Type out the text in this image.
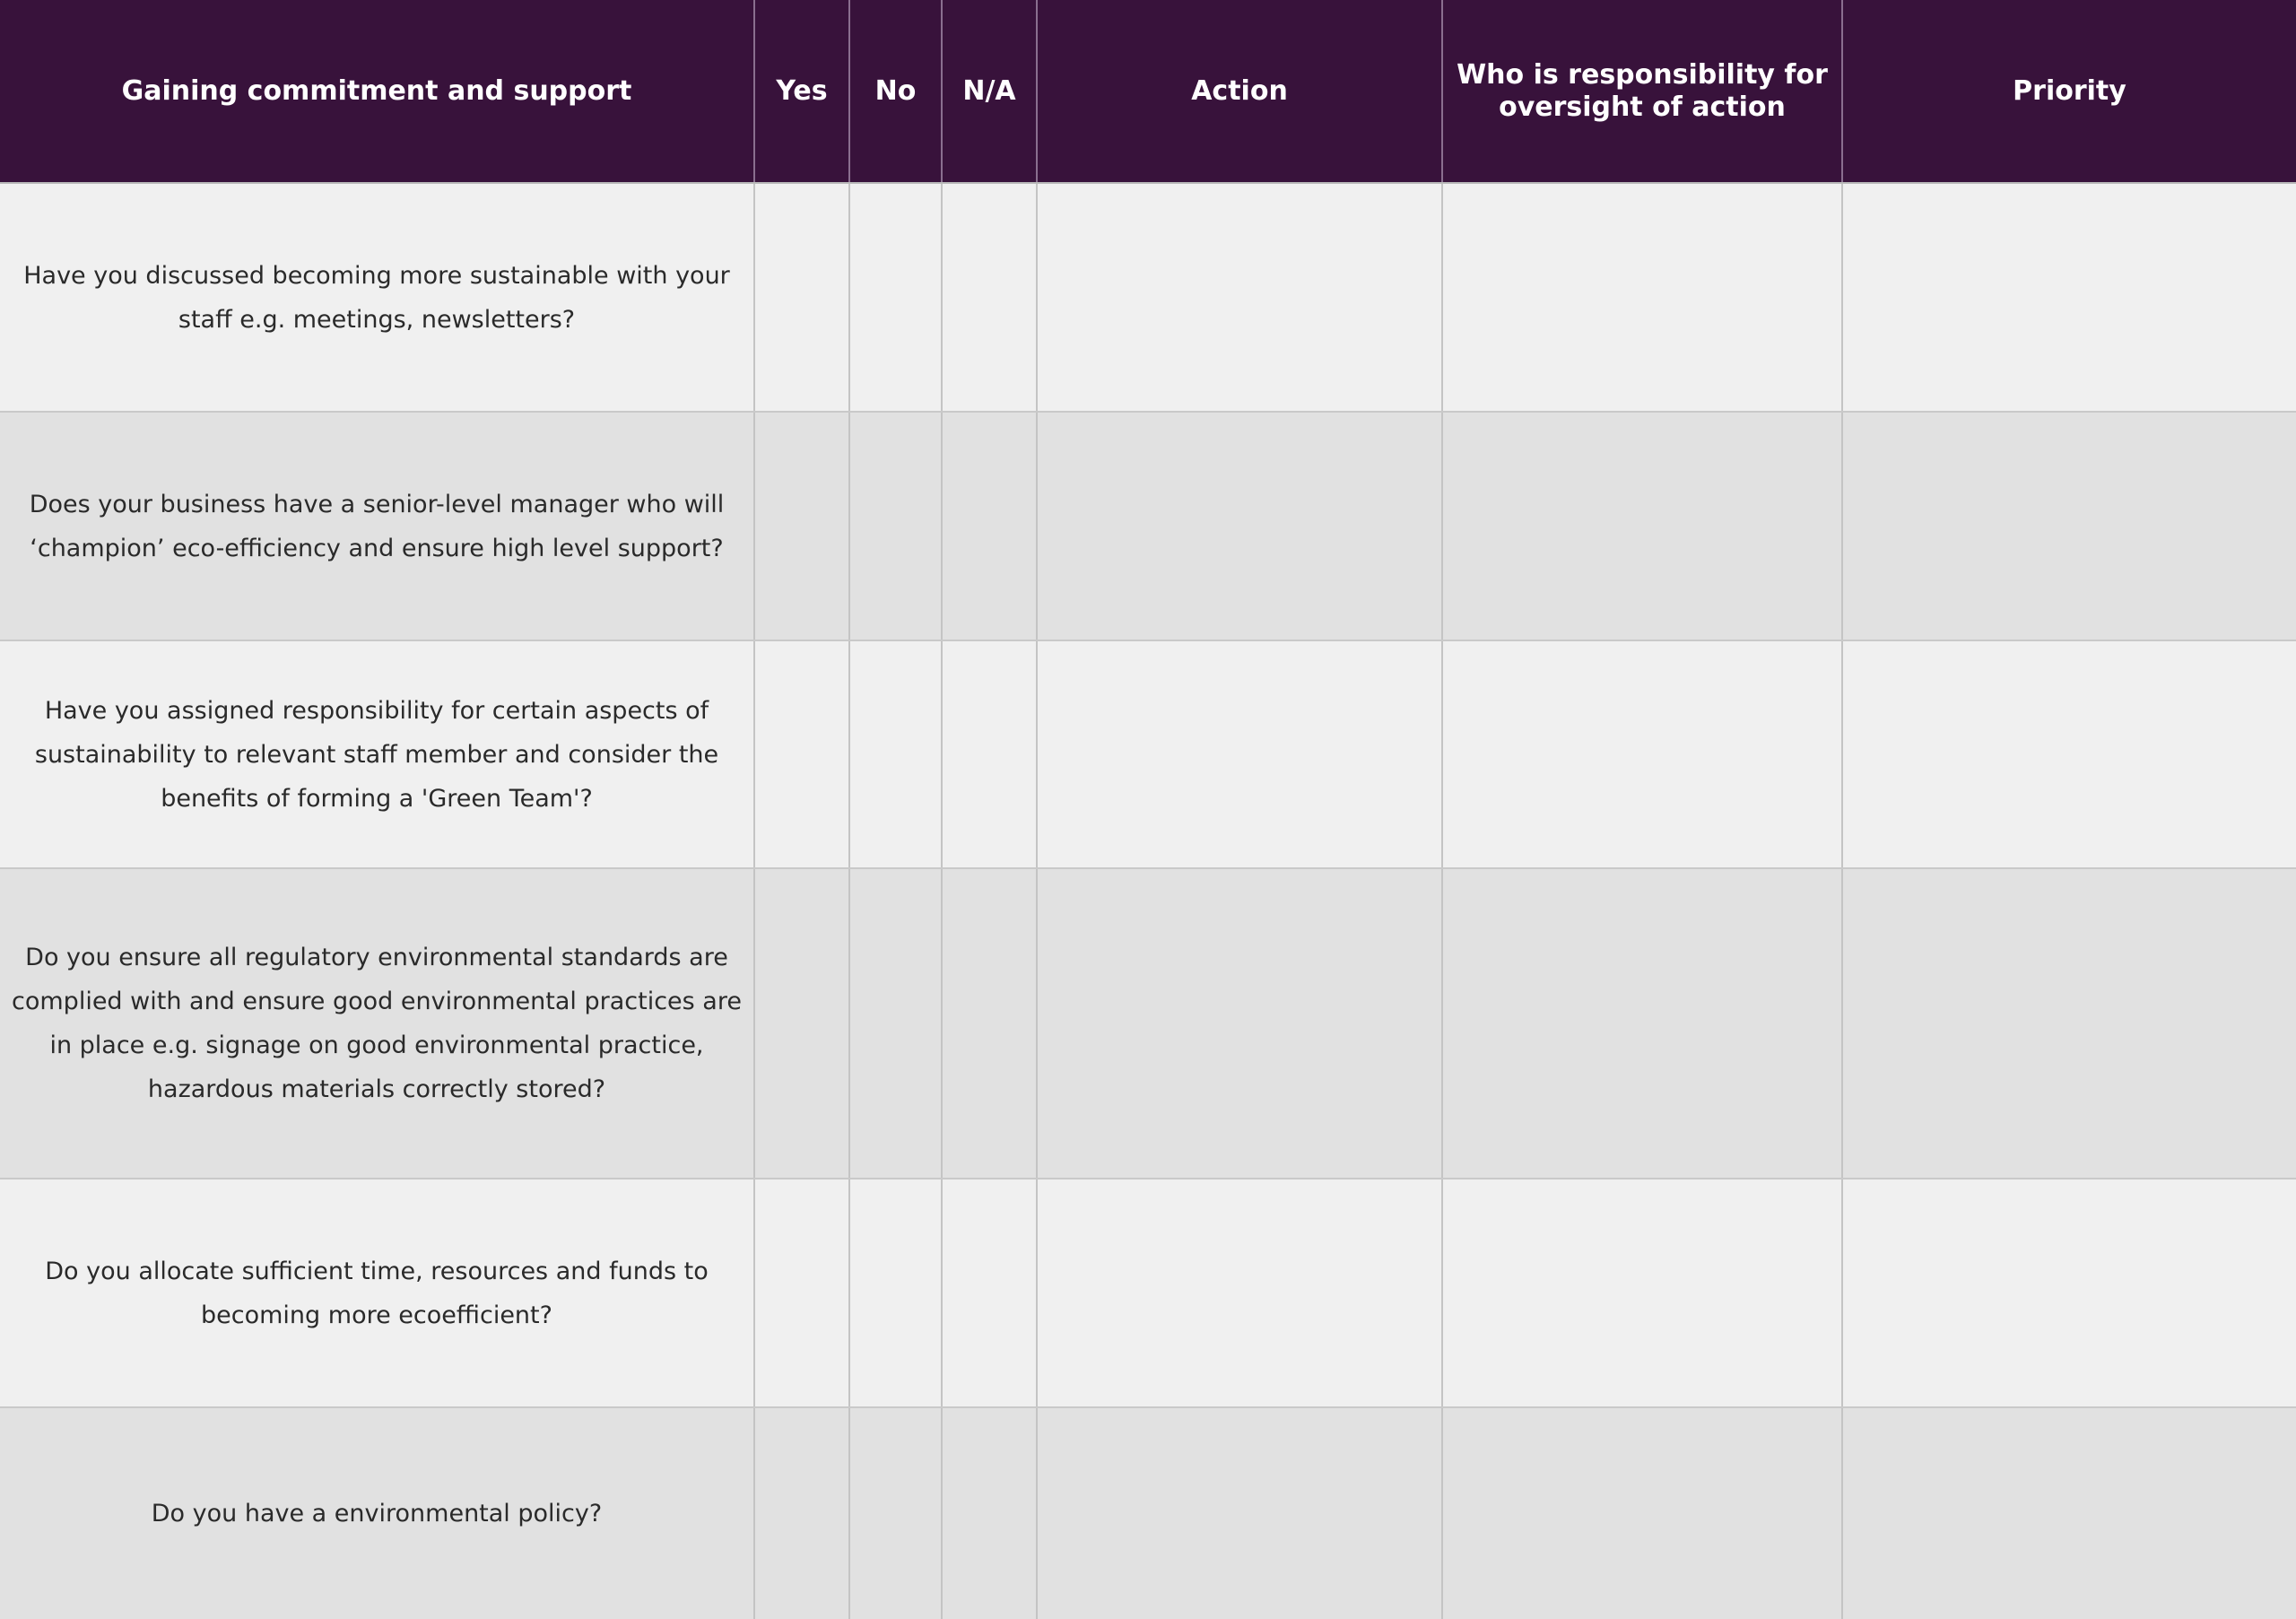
Gaining commitment and support	Yes	No	N/A	Action	Who is responsibility for oversight of action	Priority
Have you discussed becoming more sustainable with your staff e.g. meetings, newsletters?						
Does your business have a senior-level manager who will ‘champion’ eco-efficiency and ensure high level support?						
Have you assigned responsibility for certain aspects of sustainability to relevant staff member and consider the benefits of forming a 'Green Team'?						
Do you ensure all regulatory environmental standards are complied with and ensure good environmental practices are in place e.g. signage on good environmental practice, hazardous materials correctly stored?						
Do you allocate sufficient time, resources and funds to becoming more ecoefficient?						
Do you have a environmental policy?						
